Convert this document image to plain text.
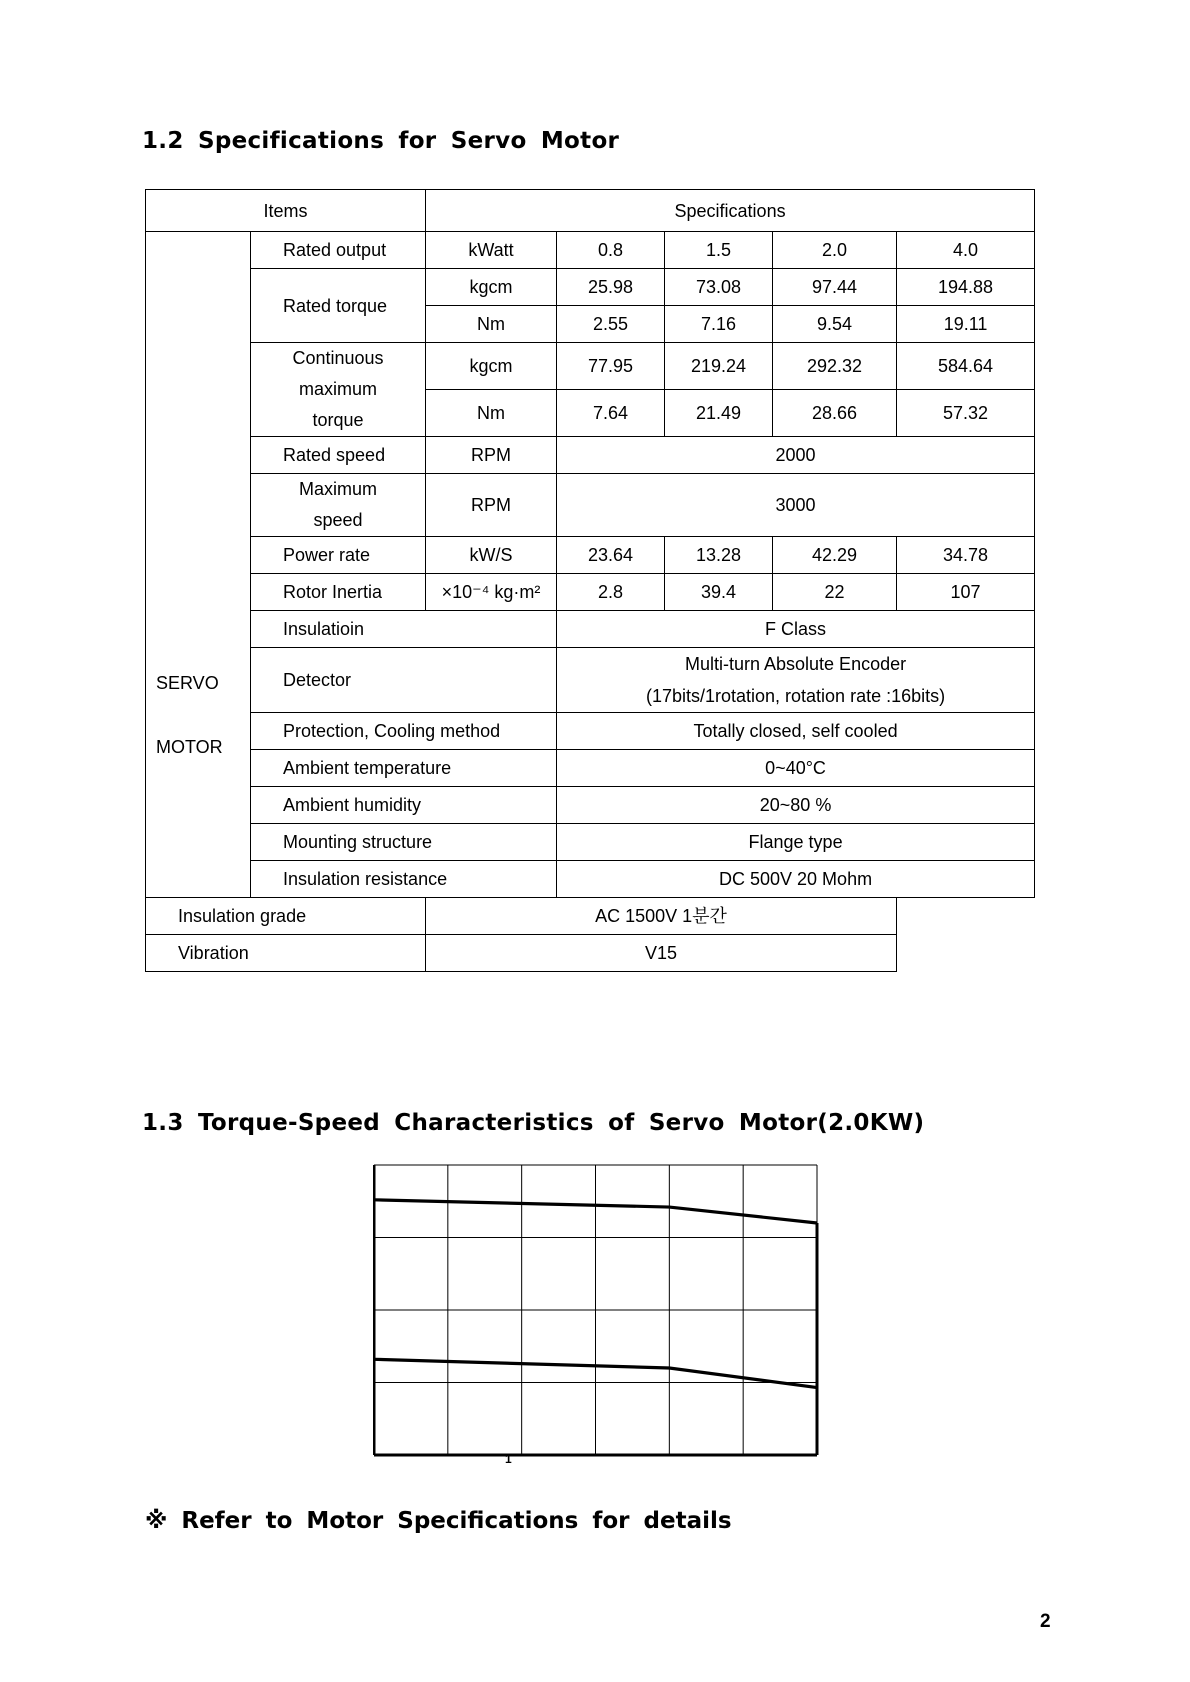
1.2 Specifications for Servo Motor
Items		Specifications				
SERVO
MOTOR	Rated output	kWatt	0.8	1.5	2.0	4.0
	Rated torque	kgcm	25.98	73.08	97.44	194.88
		Nm	2.55	7.16	9.54	19.11
	Continuous
maximum
torque	kgcm	77.95	219.24	292.32	584.64
		Nm	7.64	21.49	28.66	57.32
	Rated speed	RPM	2000			
	Maximum
speed	RPM	3000			
	Power rate	kW/S	23.64	13.28	42.29	34.78
	Rotor Inertia	×10⁻⁴ kg·m²	2.8	39.4	22	107
	Insulatioin		F Class			
	Detector		Multi-turn Absolute Encoder
(17bits/1rotation, rotation rate :16bits)			
	Protection, Cooling method		Totally closed, self cooled			
	Ambient temperature		0~40°C			
	Ambient humidity		20~80 %			
	Mounting structure		Flange type			
	Insulation resistance		DC 500V 20 Mohm			
Insulation grade		AC 1500V 1분간				
Vibration		V15				
1.3 Torque-Speed Characteristics of Servo Motor(2.0KW)
1

※ Refer to Motor Specifications for details

2
